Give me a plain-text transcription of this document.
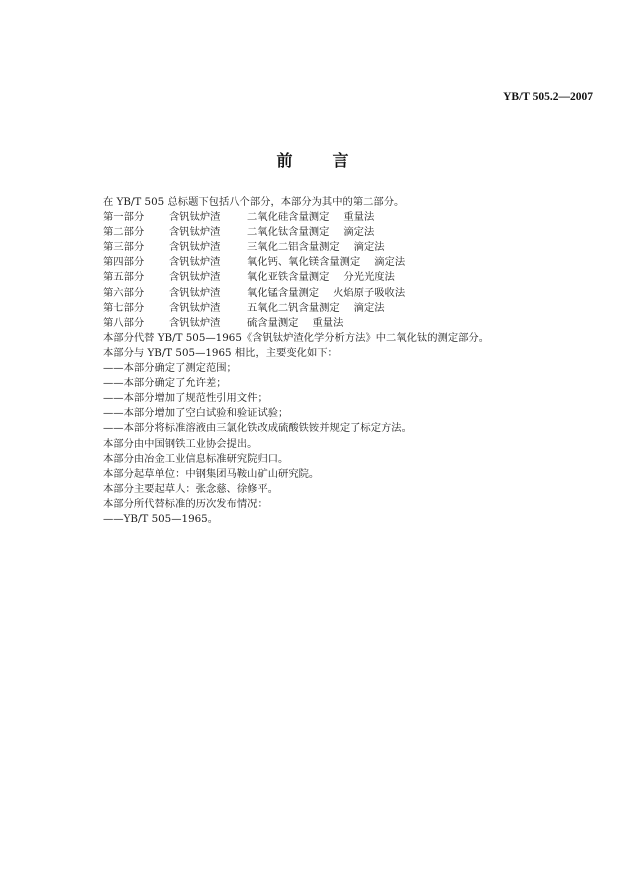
YB/T 505.2—2007
前	言
在 YB/T 505 总标题下包括八个部分，本部分为其中的第二部分。
第一部分 含钒钛炉渣	二氧化硅含量测定 重量法
第二部分 含钒钛炉渣	二氧化钛含量测定 滴定法
第三部分 含钒钛炉渣	三氧化二铝含量测定 滴定法
第四部分 含钒钛炉渣	氧化钙、氧化镁含量测定 滴定法
第五部分 含钒钛炉渣	氧化亚铁含量测定 分光光度法
第六部分 含钒钛炉渣	氧化锰含量测定 火焰原子吸收法
第七部分 含钒钛炉渣	五氧化二钒含量测定 滴定法
第八部分 含钒钛炉渣	硫含量测定 重量法
本部分代替 YB/T 505—1965《含钒钛炉渣化学分析方法》中二氧化钛的测定部分。
本部分与 YB/T 505—1965 相比，主要变化如下：
——本部分确定了测定范围；
——本部分确定了允许差；
——本部分增加了规范性引用文件；
——本部分增加了空白试验和验证试验；
——本部分将标准溶液由三氯化铁改成硫酸铁铵并规定了标定方法。
本部分由中国钢铁工业协会提出。
本部分由冶金工业信息标准研究院归口。
本部分起草单位：中钢集团马鞍山矿山研究院。
本部分主要起草人：张念慈、徐修平。
本部分所代替标准的历次发布情况：
——YB/T 505—1965。
